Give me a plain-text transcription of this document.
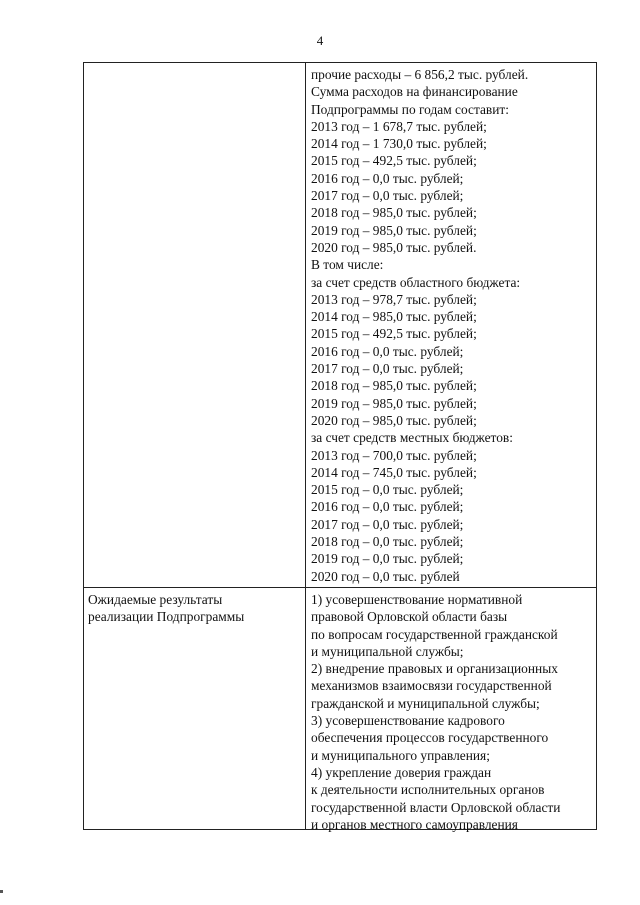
4
прочие расходы – 6 856,2 тыс. рублей.
Сумма расходов на финансирование
Подпрограммы по годам составит:
2013 год – 1 678,7 тыс. рублей;
2014 год – 1 730,0 тыс. рублей;
2015 год – 492,5 тыс. рублей;
2016 год – 0,0 тыс. рублей;
2017 год – 0,0 тыс. рублей;
2018 год – 985,0 тыс. рублей;
2019 год – 985,0 тыс. рублей;
2020 год – 985,0 тыс. рублей.
В том числе:
за счет средств областного бюджета:
2013 год – 978,7 тыс. рублей;
2014 год – 985,0 тыс. рублей;
2015 год – 492,5 тыс. рублей;
2016 год – 0,0 тыс. рублей;
2017 год – 0,0 тыс. рублей;
2018 год – 985,0 тыс. рублей;
2019 год – 985,0 тыс. рублей;
2020 год – 985,0 тыс. рублей;
за счет средств местных бюджетов:
2013 год – 700,0 тыс. рублей;
2014 год – 745,0 тыс. рублей;
2015 год – 0,0 тыс. рублей;
2016 год – 0,0 тыс. рублей;
2017 год – 0,0 тыс. рублей;
2018 год – 0,0 тыс. рублей;
2019 год – 0,0 тыс. рублей;
2020 год – 0,0 тыс. рублей
Ожидаемые результаты
реализации Подпрограммы
1) усовершенствование нормативной
правовой Орловской области базы
по вопросам государственной гражданской
и муниципальной службы;
2) внедрение правовых и организационных
механизмов взаимосвязи государственной
гражданской и муниципальной службы;
3) усовершенствование кадрового
обеспечения процессов государственного
и муниципального управления;
4) укрепление доверия граждан
к деятельности исполнительных органов
государственной власти Орловской области
и органов местного самоуправления
